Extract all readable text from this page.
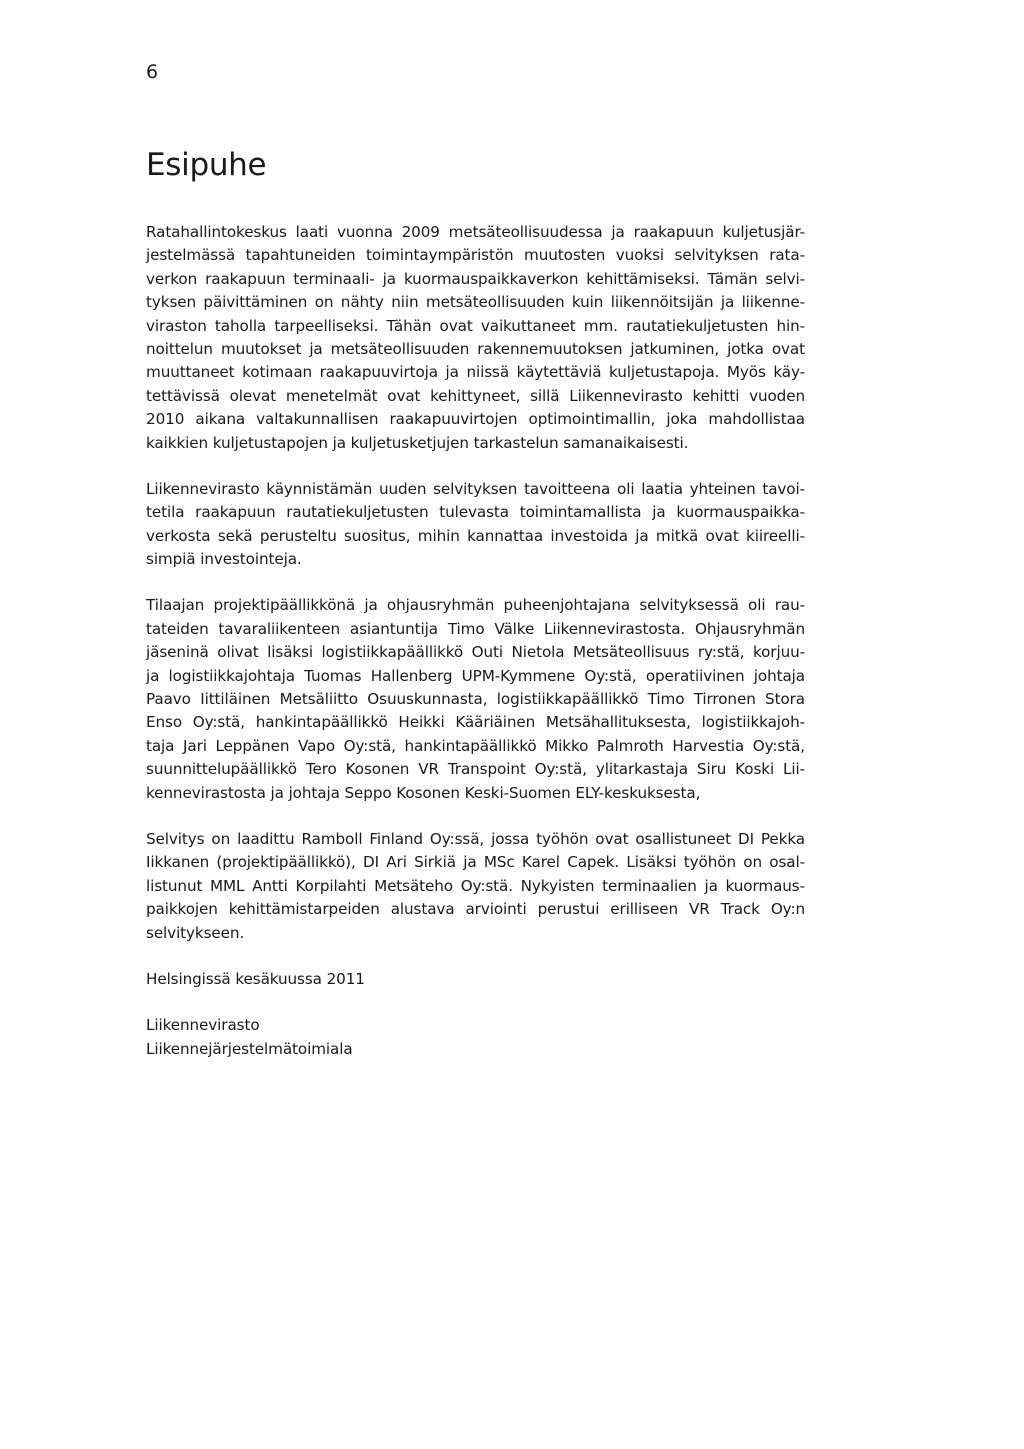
6
Esipuhe
Ratahallintokeskus laati vuonna 2009 metsäteollisuudessa ja raakapuun kuljetusjär-
jestelmässä tapahtuneiden toimintaympäristön muutosten vuoksi selvityksen rata-
verkon raakapuun terminaali- ja kuormauspaikkaverkon kehittämiseksi. Tämän selvi-
tyksen päivittäminen on nähty niin metsäteollisuuden kuin liikennöitsijän ja liikenne-
viraston taholla tarpeelliseksi. Tähän ovat vaikuttaneet mm. rautatiekuljetusten hin-
noittelun muutokset ja metsäteollisuuden rakennemuutoksen jatkuminen, jotka ovat
muuttaneet kotimaan raakapuuvirtoja ja niissä käytettäviä kuljetustapoja. Myös käy-
tettävissä olevat menetelmät ovat kehittyneet, sillä Liikennevirasto kehitti vuoden
2010 aikana valtakunnallisen raakapuuvirtojen optimointimallin, joka mahdollistaa
kaikkien kuljetustapojen ja kuljetusketjujen tarkastelun samanaikaisesti.
Liikennevirasto käynnistämän uuden selvityksen tavoitteena oli laatia yhteinen tavoi-
tetila raakapuun rautatiekuljetusten tulevasta toimintamallista ja kuormauspaikka-
verkosta sekä perusteltu suositus, mihin kannattaa investoida ja mitkä ovat kiireelli-
simpiä investointeja.
Tilaajan projektipäällikkönä ja ohjausryhmän puheenjohtajana selvityksessä oli rau-
tateiden tavaraliikenteen asiantuntija Timo Välke Liikennevirastosta. Ohjausryhmän
jäseninä olivat lisäksi logistiikkapäällikkö Outi Nietola Metsäteollisuus ry:stä, korjuu-
ja logistiikkajohtaja Tuomas Hallenberg UPM-Kymmene Oy:stä, operatiivinen johtaja
Paavo Iittiläinen Metsäliitto Osuuskunnasta, logistiikkapäällikkö Timo Tirronen Stora
Enso Oy:stä, hankintapäällikkö Heikki Kääriäinen Metsähallituksesta, logistiikkajoh-
taja Jari Leppänen Vapo Oy:stä, hankintapäällikkö Mikko Palmroth Harvestia Oy:stä,
suunnittelupäällikkö Tero Kosonen VR Transpoint Oy:stä, ylitarkastaja Siru Koski Lii-
kennevirastosta ja johtaja Seppo Kosonen Keski-Suomen ELY-keskuksesta,
Selvitys on laadittu Ramboll Finland Oy:ssä, jossa työhön ovat osallistuneet DI Pekka
Iikkanen (projektipäällikkö), DI Ari Sirkiä ja MSc Karel Capek. Lisäksi työhön on osal-
listunut MML Antti Korpilahti Metsäteho Oy:stä. Nykyisten terminaalien ja kuormaus-
paikkojen kehittämistarpeiden alustava arviointi perustui erilliseen VR Track Oy:n
selvitykseen.
Helsingissä kesäkuussa 2011
Liikennevirasto
Liikennejärjestelmätoimiala
